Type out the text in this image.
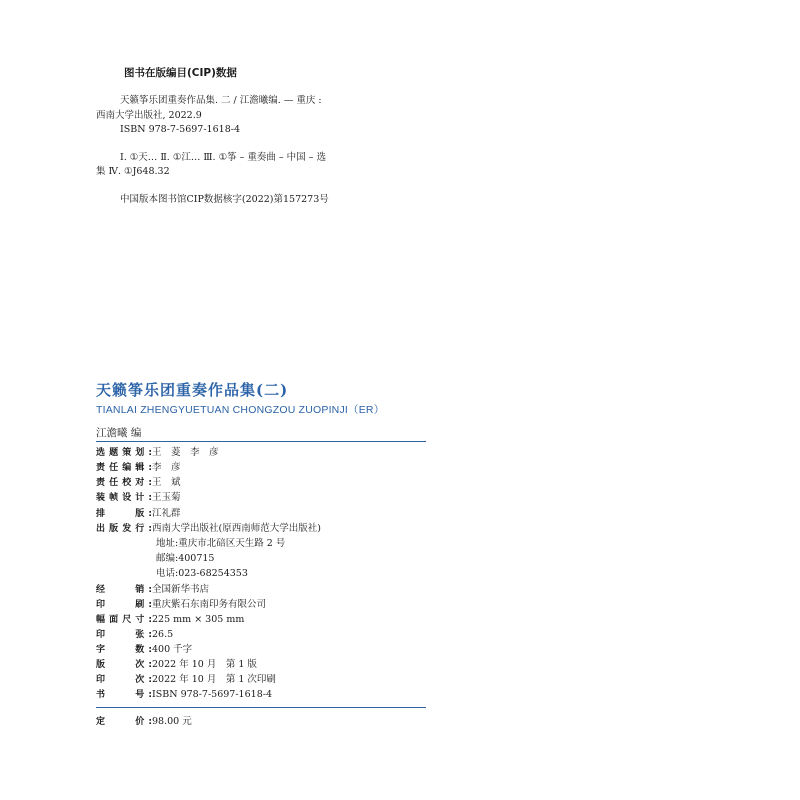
图书在版编目(CIP)数据
天籁筝乐团重奏作品集. 二 / 江澹曦编. — 重庆 :
西南大学出版社, 2022.9
ISBN 978-7-5697-1618-4
Ⅰ. ①天… Ⅱ. ①江… Ⅲ. ①筝 – 重奏曲 – 中国 – 选
集 Ⅳ. ①J648.32
中国版本图书馆CIP数据核字(2022)第157273号
天籁筝乐团重奏作品集(二)
TIANLAI ZHENGYUETUAN CHONGZOU ZUOPINJI（ER）
江澹曦 编
选题策划:王　菱　李　彦
责任编辑:李　彦
责任校对:王　斌
装帧设计:王玉菊
排　　版:江礼群
出版发行:西南大学出版社(原西南师范大学出版社)
地址:重庆市北碚区天生路 2 号
邮编:400715
电话:023-68254353
经　　销:全国新华书店
印　　刷:重庆紫石东南印务有限公司
幅面尺寸:225 mm × 305 mm
印　　张:26.5
字　　数:400 千字
版　　次:2022 年 10 月　第 1 版
印　　次:2022 年 10 月　第 1 次印刷
书　　号:ISBN 978-7-5697-1618-4
定　　价:98.00 元
